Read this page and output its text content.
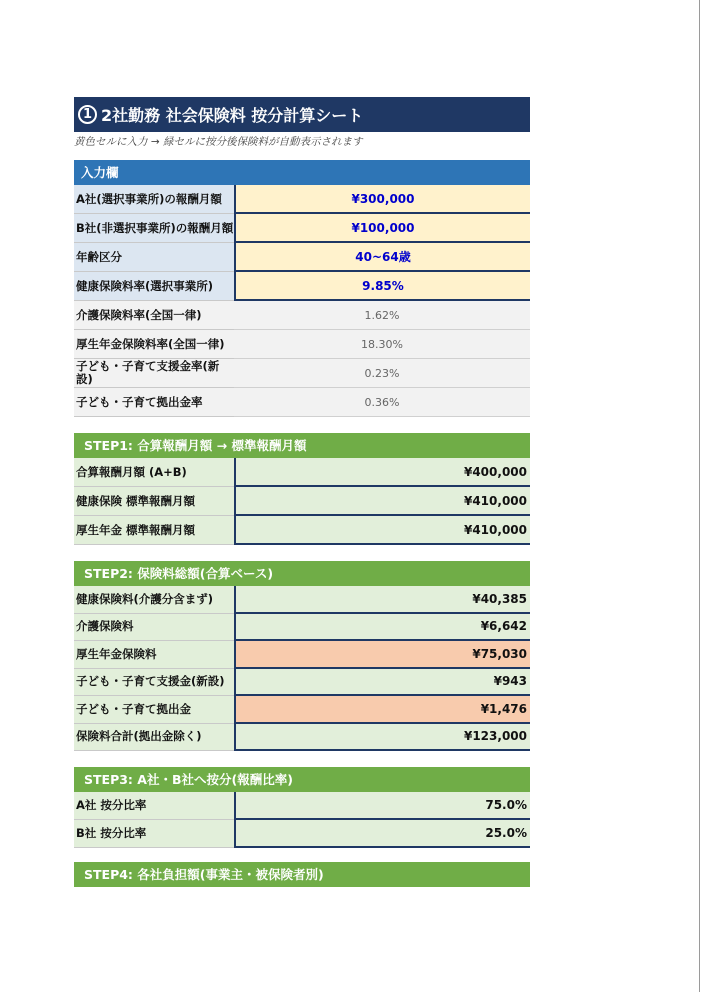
1 2社勤務 社会保険料 按分計算シート
黄色セルに入力 → 緑セルに按分後保険料が自動表示されます
入力欄
A社(選択事業所)の報酬月額	¥300,000
B社(非選択事業所)の報酬月額	¥100,000
年齢区分	40~64歳
健康保険料率(選択事業所)	9.85%
介護保険料率(全国一律)	1.62%
厚生年金保険料率(全国一律)	18.30%
子ども・子育て支援金率(新設)	0.23%
子ども・子育て拠出金率	0.36%
STEP1: 合算報酬月額 → 標準報酬月額
合算報酬月額 (A+B)	¥400,000
健康保険 標準報酬月額	¥410,000
厚生年金 標準報酬月額	¥410,000
STEP2: 保険料総額(合算ベース)
健康保険料(介護分含まず)	¥40,385
介護保険料	¥6,642
厚生年金保険料	¥75,030
子ども・子育て支援金(新設)	¥943
子ども・子育て拠出金	¥1,476
保険料合計(拠出金除く)	¥123,000
STEP3: A社・B社へ按分(報酬比率)
A社 按分比率	75.0%
B社 按分比率	25.0%
STEP4: 各社負担額(事業主・被保険者別)
